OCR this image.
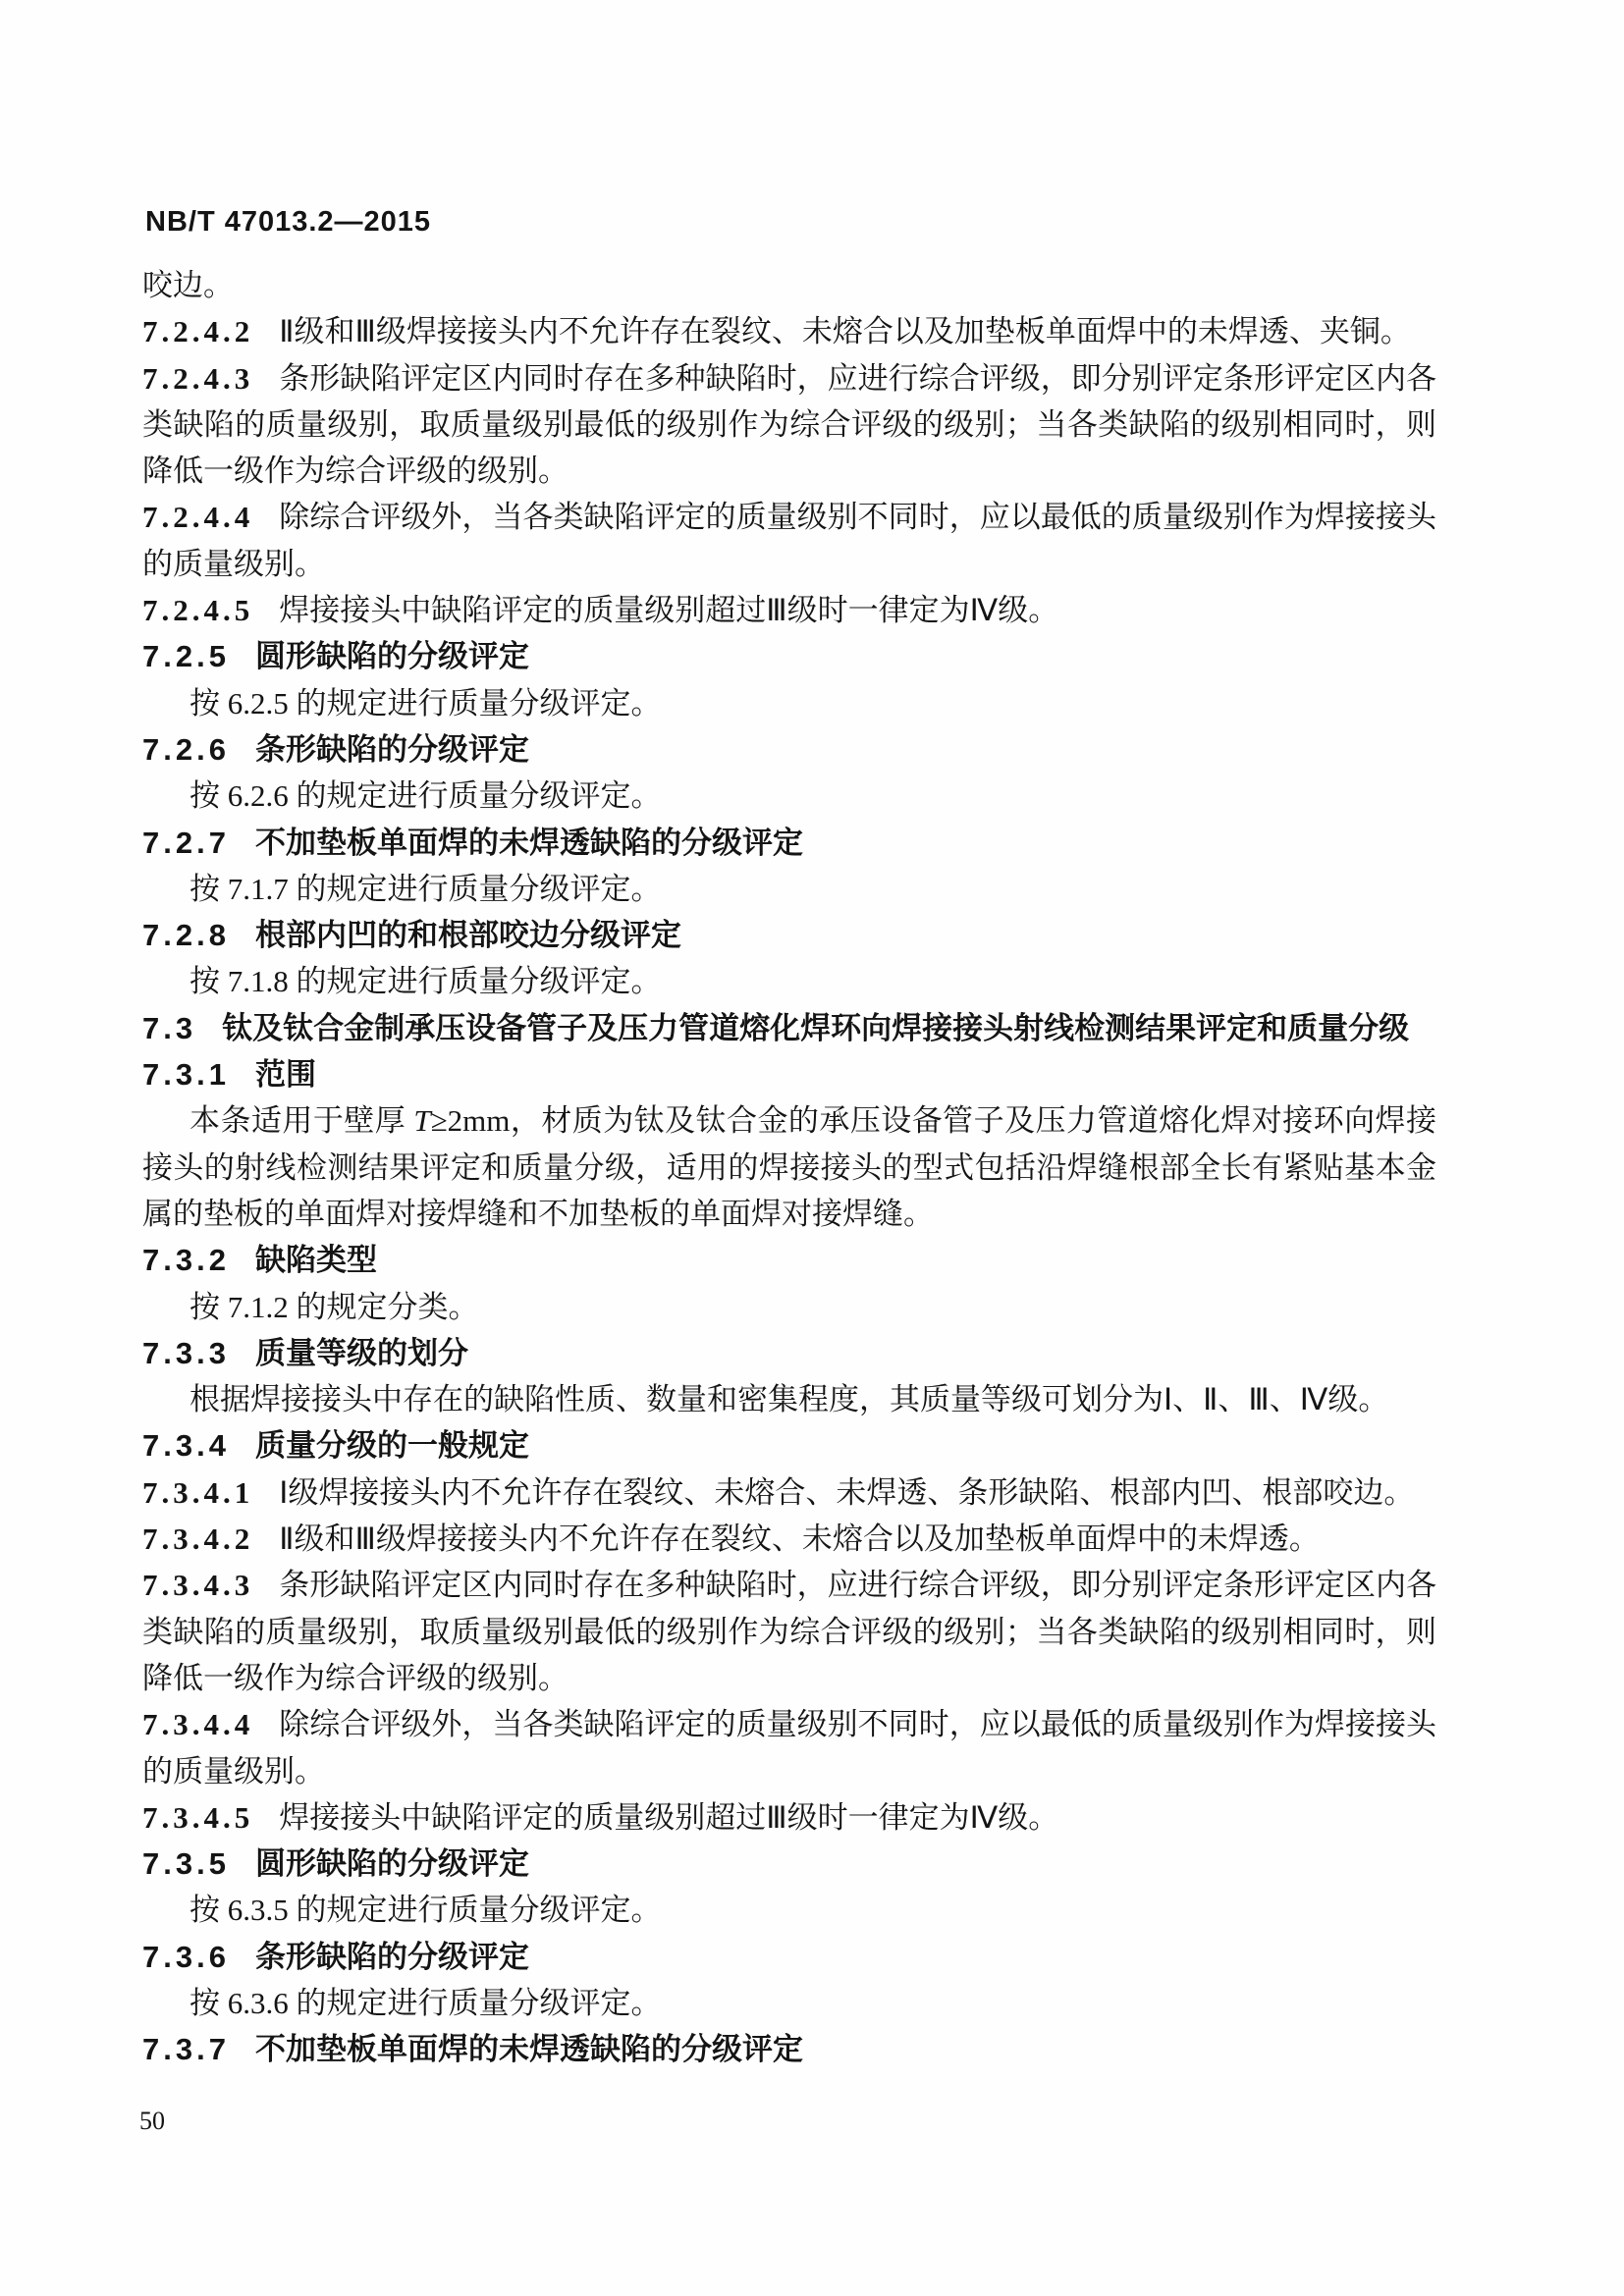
NB/T 47013.2—2015

咬边。

7.2.4.2 Ⅱ级和Ⅲ级焊接接头内不允许存在裂纹、未熔合以及加垫板单面焊中的未焊透、夹铜。

7.2.4.3 条形缺陷评定区内同时存在多种缺陷时，应进行综合评级，即分别评定条形评定区内各类缺陷的质量级别，取质量级别最低的级别作为综合评级的级别；当各类缺陷的级别相同时，则降低一级作为综合评级的级别。

7.2.4.4 除综合评级外，当各类缺陷评定的质量级别不同时，应以最低的质量级别作为焊接接头的质量级别。

7.2.4.5 焊接接头中缺陷评定的质量级别超过Ⅲ级时一律定为Ⅳ级。

7.2.5 圆形缺陷的分级评定

按 6.2.5 的规定进行质量分级评定。

7.2.6 条形缺陷的分级评定

按 6.2.6 的规定进行质量分级评定。

7.2.7 不加垫板单面焊的未焊透缺陷的分级评定

按 7.1.7 的规定进行质量分级评定。

7.2.8 根部内凹的和根部咬边分级评定

按 7.1.8 的规定进行质量分级评定。

7.3 钛及钛合金制承压设备管子及压力管道熔化焊环向焊接接头射线检测结果评定和质量分级

7.3.1 范围

本条适用于壁厚 T≥2mm，材质为钛及钛合金的承压设备管子及压力管道熔化焊对接环向焊接接头的射线检测结果评定和质量分级，适用的焊接接头的型式包括沿焊缝根部全长有紧贴基本金属的垫板的单面焊对接焊缝和不加垫板的单面焊对接焊缝。

7.3.2 缺陷类型

按 7.1.2 的规定分类。

7.3.3 质量等级的划分

根据焊接接头中存在的缺陷性质、数量和密集程度，其质量等级可划分为Ⅰ、Ⅱ、Ⅲ、Ⅳ级。

7.3.4 质量分级的一般规定

7.3.4.1 Ⅰ级焊接接头内不允许存在裂纹、未熔合、未焊透、条形缺陷、根部内凹、根部咬边。

7.3.4.2 Ⅱ级和Ⅲ级焊接接头内不允许存在裂纹、未熔合以及加垫板单面焊中的未焊透。

7.3.4.3 条形缺陷评定区内同时存在多种缺陷时，应进行综合评级，即分别评定条形评定区内各类缺陷的质量级别，取质量级别最低的级别作为综合评级的级别；当各类缺陷的级别相同时，则降低一级作为综合评级的级别。

7.3.4.4 除综合评级外，当各类缺陷评定的质量级别不同时，应以最低的质量级别作为焊接接头的质量级别。

7.3.4.5 焊接接头中缺陷评定的质量级别超过Ⅲ级时一律定为Ⅳ级。

7.3.5 圆形缺陷的分级评定

按 6.3.5 的规定进行质量分级评定。

7.3.6 条形缺陷的分级评定

按 6.3.6 的规定进行质量分级评定。

7.3.7 不加垫板单面焊的未焊透缺陷的分级评定

50
